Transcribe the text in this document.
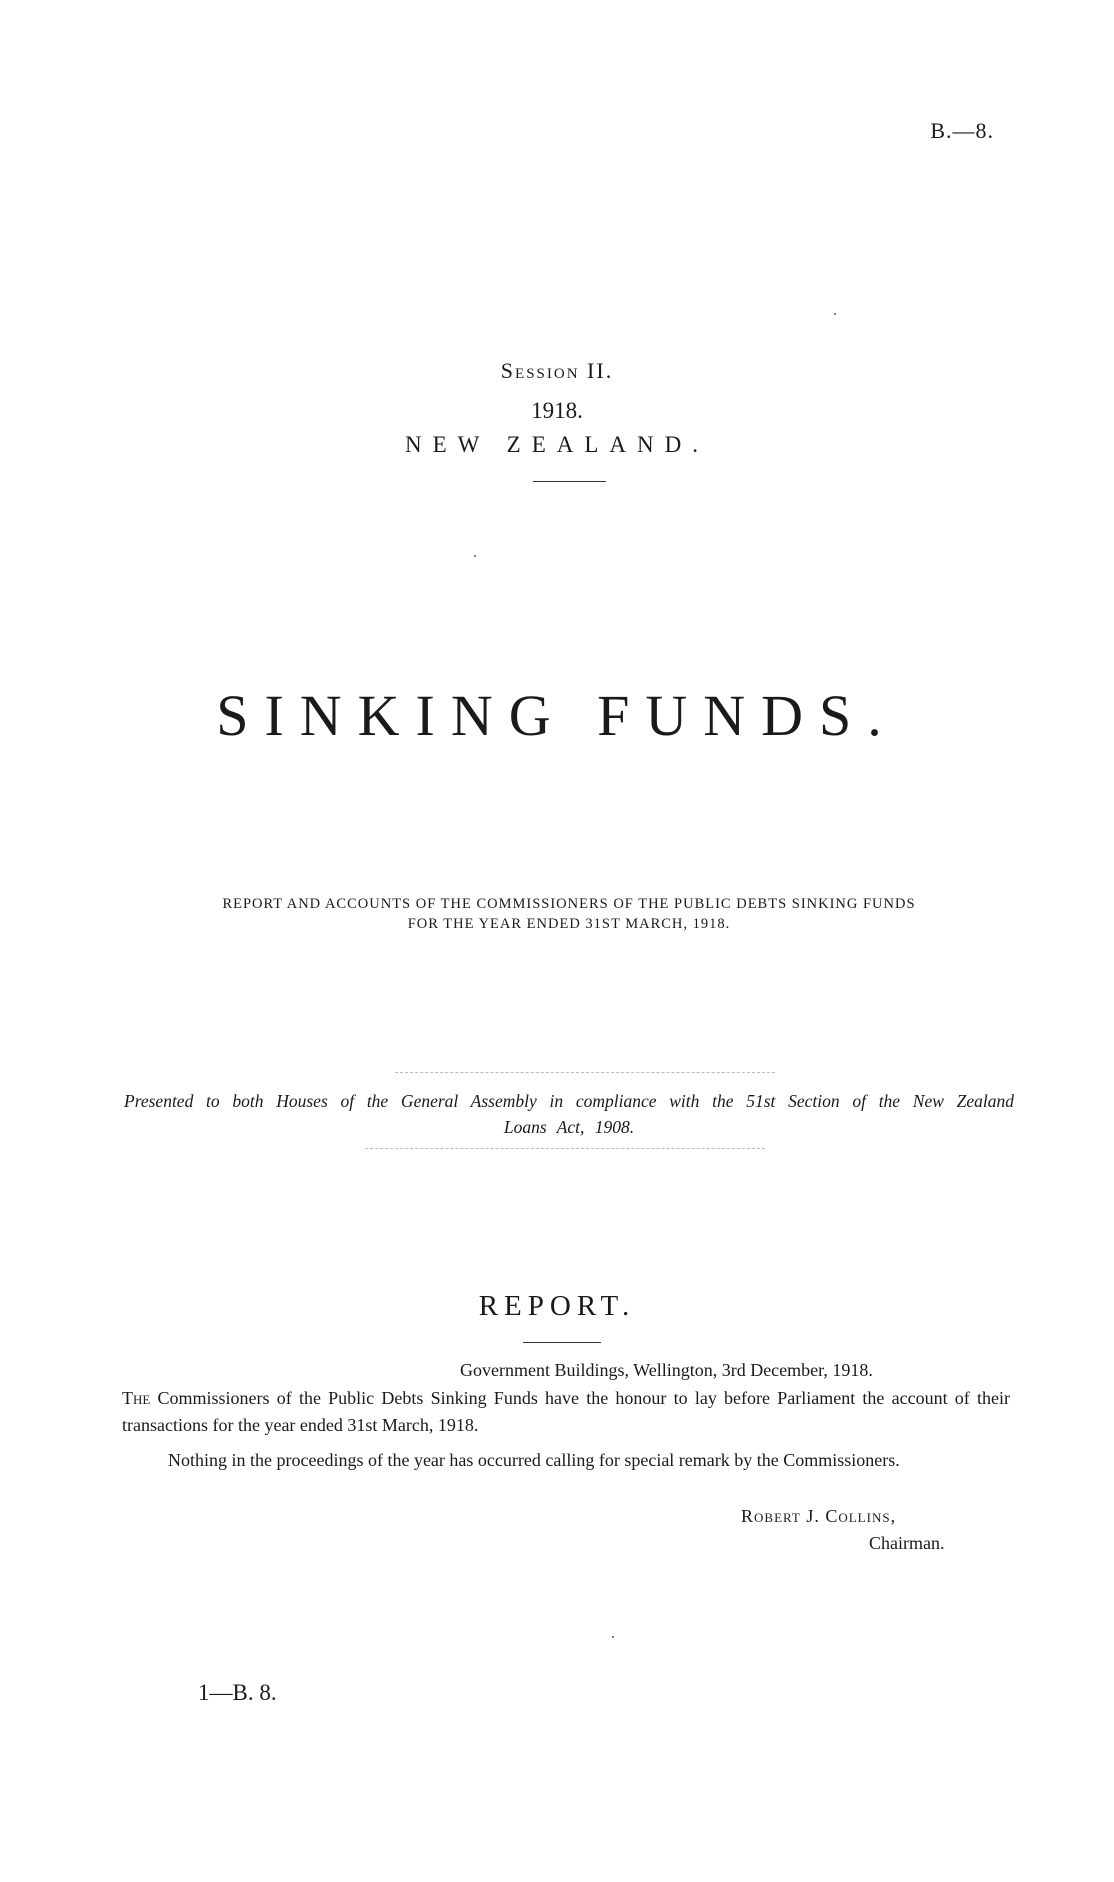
B.—8.
Session II.
1918.
NEW ZEALAND.
SINKING FUNDS.
REPORT AND ACCOUNTS OF THE COMMISSIONERS OF THE PUBLIC DEBTS SINKING FUNDS
FOR THE YEAR ENDED 31ST MARCH, 1918.
Presented to both Houses of the General Assembly in compliance with the 51st Section of the New Zealand Loans Act, 1908.
REPORT.
Government Buildings, Wellington, 3rd December, 1918.
The Commissioners of the Public Debts Sinking Funds have the honour to lay before Parliament the account of their transactions for the year ended 31st March, 1918.
Nothing in the proceedings of the year has occurred calling for special remark by the Commissioners.
Robert J. Collins,
Chairman.
1—B. 8.
